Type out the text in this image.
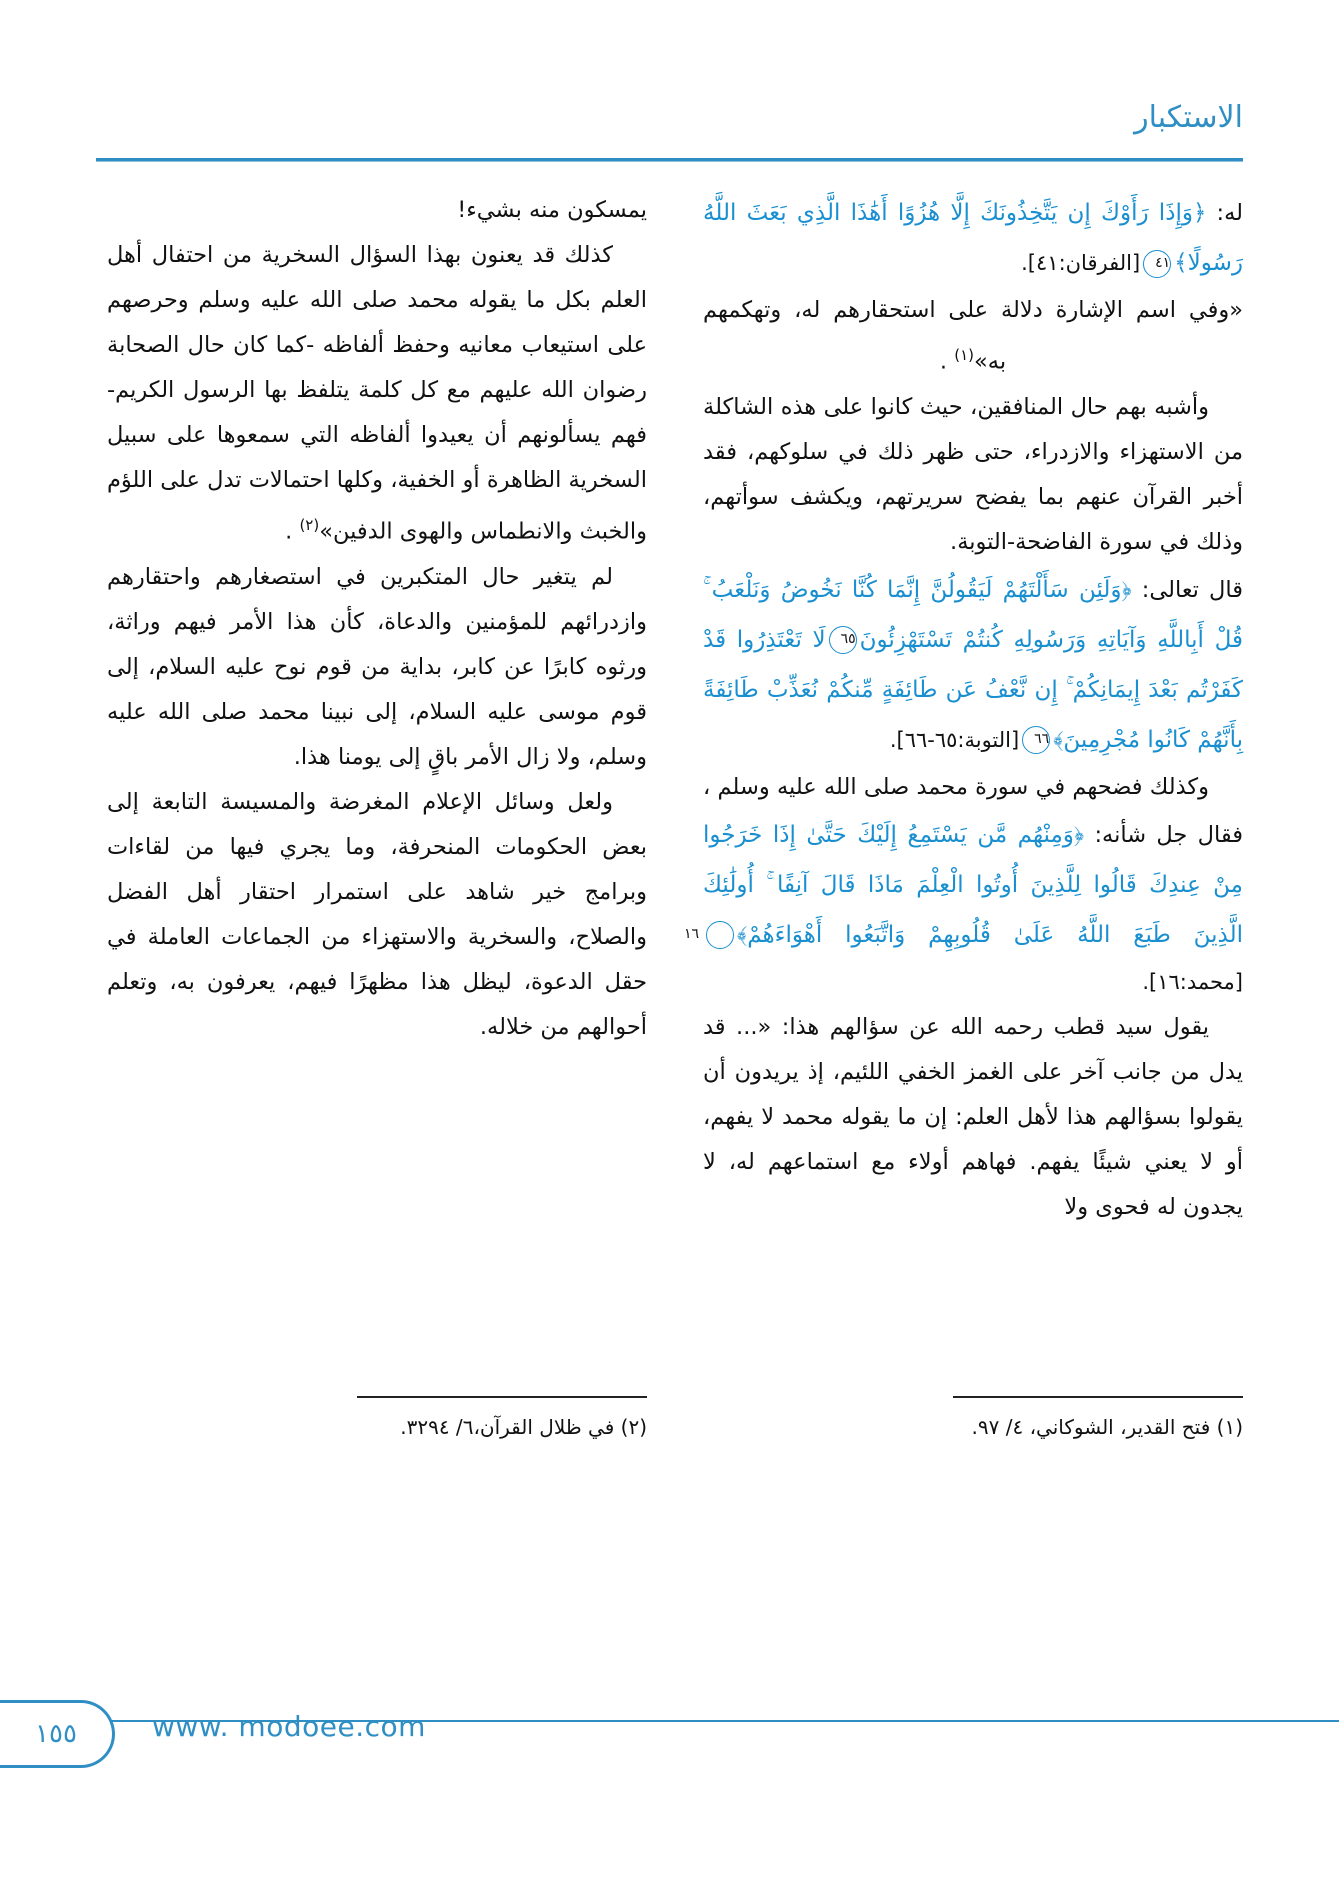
الاستكبار

له: ﴿وَإِذَا رَأَوْكَ إِن يَتَّخِذُونَكَ إِلَّا هُزُوًا أَهَٰذَا الَّذِي بَعَثَ اللَّهُ رَسُولًا﴾٤١[الفرقان:٤١].

«وفي اسم الإشارة دلالة على استحقارهم له، وتهكمهم به»$^{(١)}$ .

وأشبه بهم حال المنافقين، حيث كانوا على هذه الشاكلة من الاستهزاء والازدراء، حتى ظهر ذلك في سلوكهم، فقد أخبر القرآن عنهم بما يفضح سريرتهم، ويكشف سوأتهم، وذلك في سورة الفاضحة-التوبة.

قال تعالى: ﴿وَلَئِن سَأَلْتَهُمْ لَيَقُولُنَّ إِنَّمَا كُنَّا نَخُوضُ وَنَلْعَبُ ۚ قُلْ أَبِاللَّهِ وَآيَاتِهِ وَرَسُولِهِ كُنتُمْ تَسْتَهْزِئُونَ٦٥لَا تَعْتَذِرُوا قَدْ كَفَرْتُم بَعْدَ إِيمَانِكُمْ ۚ إِن نَّعْفُ عَن طَائِفَةٍ مِّنكُمْ نُعَذِّبْ طَائِفَةً بِأَنَّهُمْ كَانُوا مُجْرِمِينَ﴾٦٦[التوبة:٦٥-٦٦].

وكذلك فضحهم في سورة محمد صلى الله عليه وسلم ، فقال جل شأنه: ﴿وَمِنْهُم مَّن يَسْتَمِعُ إِلَيْكَ حَتَّىٰ إِذَا خَرَجُوا مِنْ عِندِكَ قَالُوا لِلَّذِينَ أُوتُوا الْعِلْمَ مَاذَا قَالَ آنِفًا ۚ أُولَٰئِكَ الَّذِينَ طَبَعَ اللَّهُ عَلَىٰ قُلُوبِهِمْ وَاتَّبَعُوا أَهْوَاءَهُمْ﴾١٦[محمد:١٦].

يقول سيد قطب رحمه الله عن سؤالهم هذا: «... قد يدل من جانب آخر على الغمز الخفي اللئيم، إذ يريدون أن يقولوا بسؤالهم هذا لأهل العلم: إن ما يقوله محمد لا يفهم، أو لا يعني شيئًا يفهم. فهاهم أولاء مع استماعهم له، لا يجدون له فحوى ولا

يمسكون منه بشيء!

كذلك قد يعنون بهذا السؤال السخرية من احتفال أهل العلم بكل ما يقوله محمد صلى الله عليه وسلم وحرصهم على استيعاب معانيه وحفظ ألفاظه -كما كان حال الصحابة رضوان الله عليهم مع كل كلمة يتلفظ بها الرسول الكريم- فهم يسألونهم أن يعيدوا ألفاظه التي سمعوها على سبيل السخرية الظاهرة أو الخفية، وكلها احتمالات تدل على اللؤم والخبث والانطماس والهوى الدفين»$^{(٢)}$ .

لم يتغير حال المتكبرين في استصغارهم واحتقارهم وازدرائهم للمؤمنين والدعاة، كأن هذا الأمر فيهم وراثة، ورثوه كابرًا عن كابر، بداية من قوم نوح عليه السلام، إلى قوم موسى عليه السلام، إلى نبينا محمد صلى الله عليه وسلم، ولا زال الأمر باقٍ إلى يومنا هذا.

ولعل وسائل الإعلام المغرضة والمسيسة التابعة إلى بعض الحكومات المنحرفة، وما يجري فيها من لقاءات وبرامج خير شاهد على استمرار احتقار أهل الفضل والصلاح، والسخرية والاستهزاء من الجماعات العاملة في حقل الدعوة، ليظل هذا مظهرًا فيهم، يعرفون به، وتعلم أحوالهم من خلاله.

(١) فتح القدير، الشوكاني، ٤/ ٩٧.
(٢) في ظلال القرآن،٦/ ٣٢٩٤.
١٥٥	www. modoee.com
